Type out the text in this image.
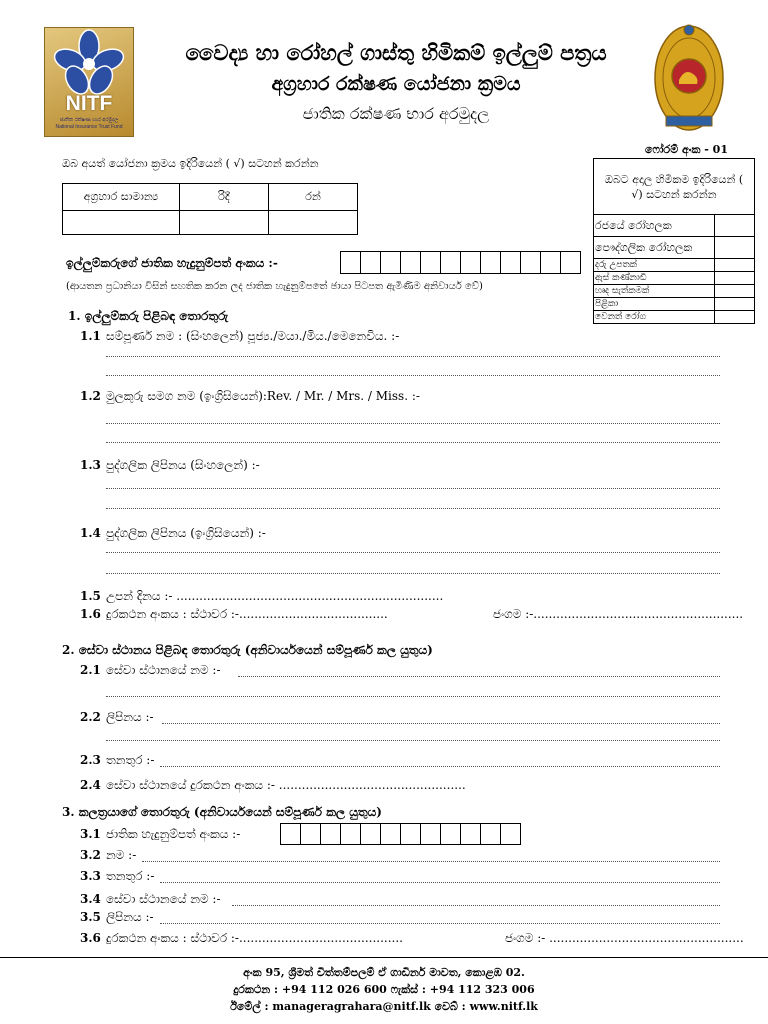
NITF
ජාතික රක්ෂණ භාර අරමුදල
National Insurance Trust Fund
වෛද්‍ය හා රෝහල් ගාස්තු හිමිකම් ඉල්ලුම් පත්‍රය
අග්‍රහාර රක්ෂණ යෝජනා ක්‍රමය
ජාතික රක්ෂණ භාර අරමුදල
ෆෝරම් අංක - 01
ඔබ අයත් යෝජනා ක්‍රමය ඉදිරියෙන් ( √) සටහන් කරන්න
අග්‍රහාර සාමාන්‍ය	රිදී	රන්

ඔබට අදාල හිමිකම ඉදිරියෙන් ( √) සටහන් කරන්න	
රජයේ රෝහලක	
පෞද්ගලික රෝහලක	
දරු උපතක්	
ඇස් කණ්නාඩි	
හෘද සැත්කමක්	
පිළිකා	
වෙනත් රෝග	
ඉල්ලුම්කරුගේ ජාතික හැදුනුම්පත් අංකය :-
(ආයතන ප්‍රධානියා විසින් සහතික කරන ලද ජාතික හැදුනුම්පතේ ඡායා පිටපත ඇමිණිම අනිවාර්ය වේ)
1. ඉල්ලුම්කරු පිළිබඳ තොරතුරු
1.1 සම්පූර්ණ නම : (සිංහලෙන්) පූජ්‍ය./මයා./මිය./මෙනෙවිය. :-
1.2 මුලකුරු සමග නම (ඉංග්‍රිසියෙන්):Rev. / Mr. / Mrs. / Miss. :-
1.3 පුද්ගලික ලිපිනය (සිංහලෙන්) :-
1.4 පුද්ගලික ලිපිනය (ඉංග්‍රිසියෙන්) :-
1.5 උපන් දිනය :- ......................................................................
1.6 දුරකථන අංකය : ස්ථාවර :-.......................................	ජංගම :-.......................................................
2. සේවා ස්ථානය පිළිබඳ තොරතුරු (අනිවාර්යයෙන් සම්පූර්ණ කල යුතුය)
2.1 සේවා ස්ථානයේ නම :-
2.2 ලිපිනය :-
2.3 තනතුර :-
2.4 සේවා ස්ථානයේ දුරකථන අංකය :- .................................................
3. කලත්‍රයාගේ තොරතුරු (අනිවාර්යයෙන් සම්පූර්ණ කල යුතුය)
3.1 ජාතික හැදුනුම්පත් අංකය :-
3.2 නම :-
3.3 තනතුර :-
3.4 සේවා ස්ථානයේ නම :-
3.5 ලිපිනය :-
3.6 දුරකථන අංකය : ස්ථාවර :-...........................................	ජංගම :- ...................................................
අංක 95, ශ්‍රීමත් චිත්තම්පලම් ඒ ගාඩිනර් මාවත, කොළඹ 02.
දුරකථන : +94 112 026 600 ෆැක්ස් : +94 112 323 006
ඊමේල් : manageragrahara@nitf.lk වෙබ් : www.nitf.lk
